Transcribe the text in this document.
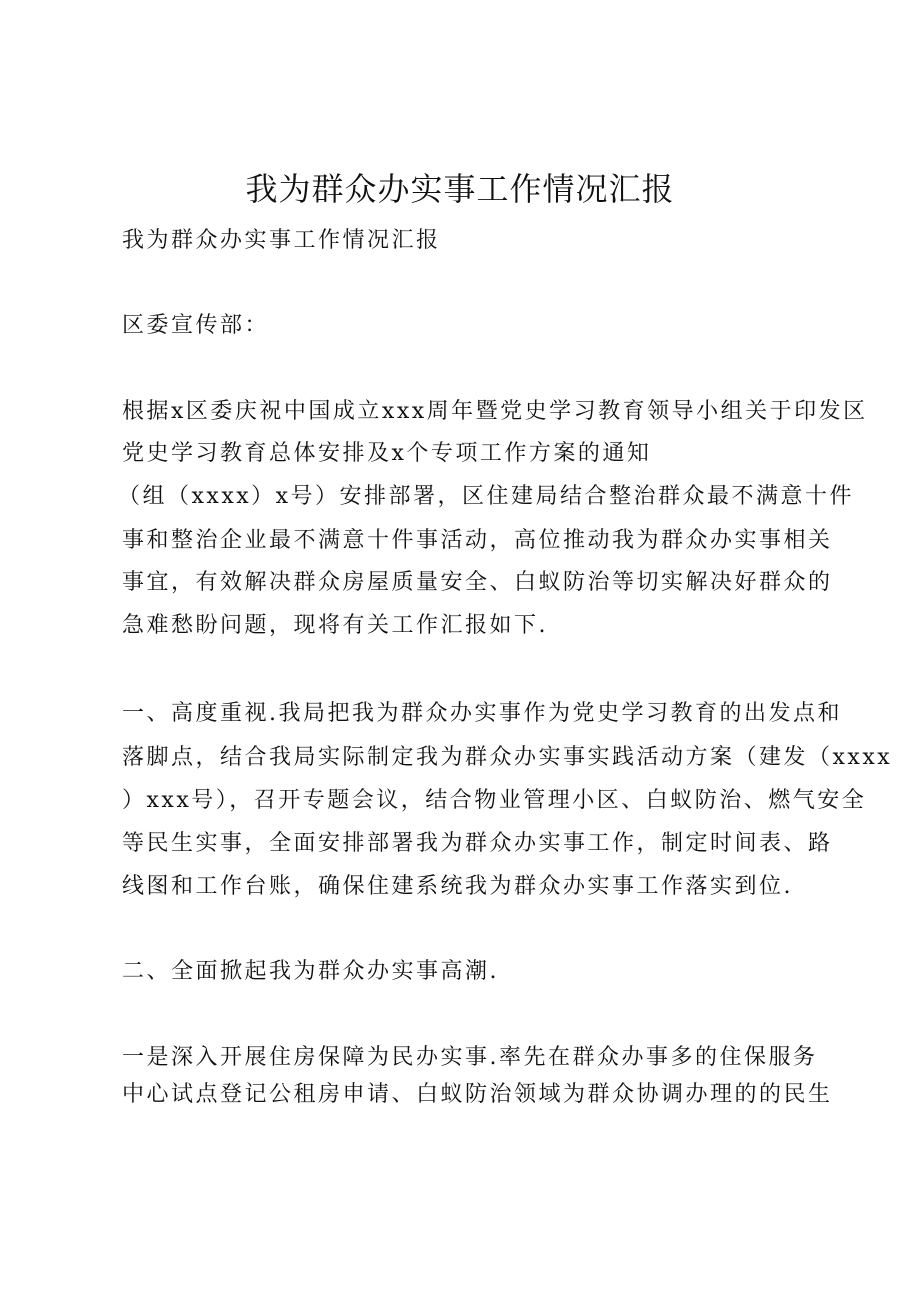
我为群众办实事工作情况汇报

我为群众办实事工作情况汇报

区委宣传部：

根据x区委庆祝中国成立xxx周年暨党史学习教育领导小组关于印发区

党史学习教育总体安排及x个专项工作方案的通知

（组（xxxx）x号）安排部署，区住建局结合整治群众最不满意十件

事和整治企业最不满意十件事活动，高位推动我为群众办实事相关

事宜，有效解决群众房屋质量安全、白蚁防治等切实解决好群众的

急难愁盼问题，现将有关工作汇报如下.

一、高度重视.我局把我为群众办实事作为党史学习教育的出发点和

落脚点，结合我局实际制定我为群众办实事实践活动方案（建发（xxxx

）xxx号），召开专题会议，结合物业管理小区、白蚁防治、燃气安全

等民生实事，全面安排部署我为群众办实事工作，制定时间表、路

线图和工作台账，确保住建系统我为群众办实事工作落实到位.

二、全面掀起我为群众办实事高潮.

一是深入开展住房保障为民办实事.率先在群众办事多的住保服务

中心试点登记公租房申请、白蚁防治领域为群众协调办理的的民生
